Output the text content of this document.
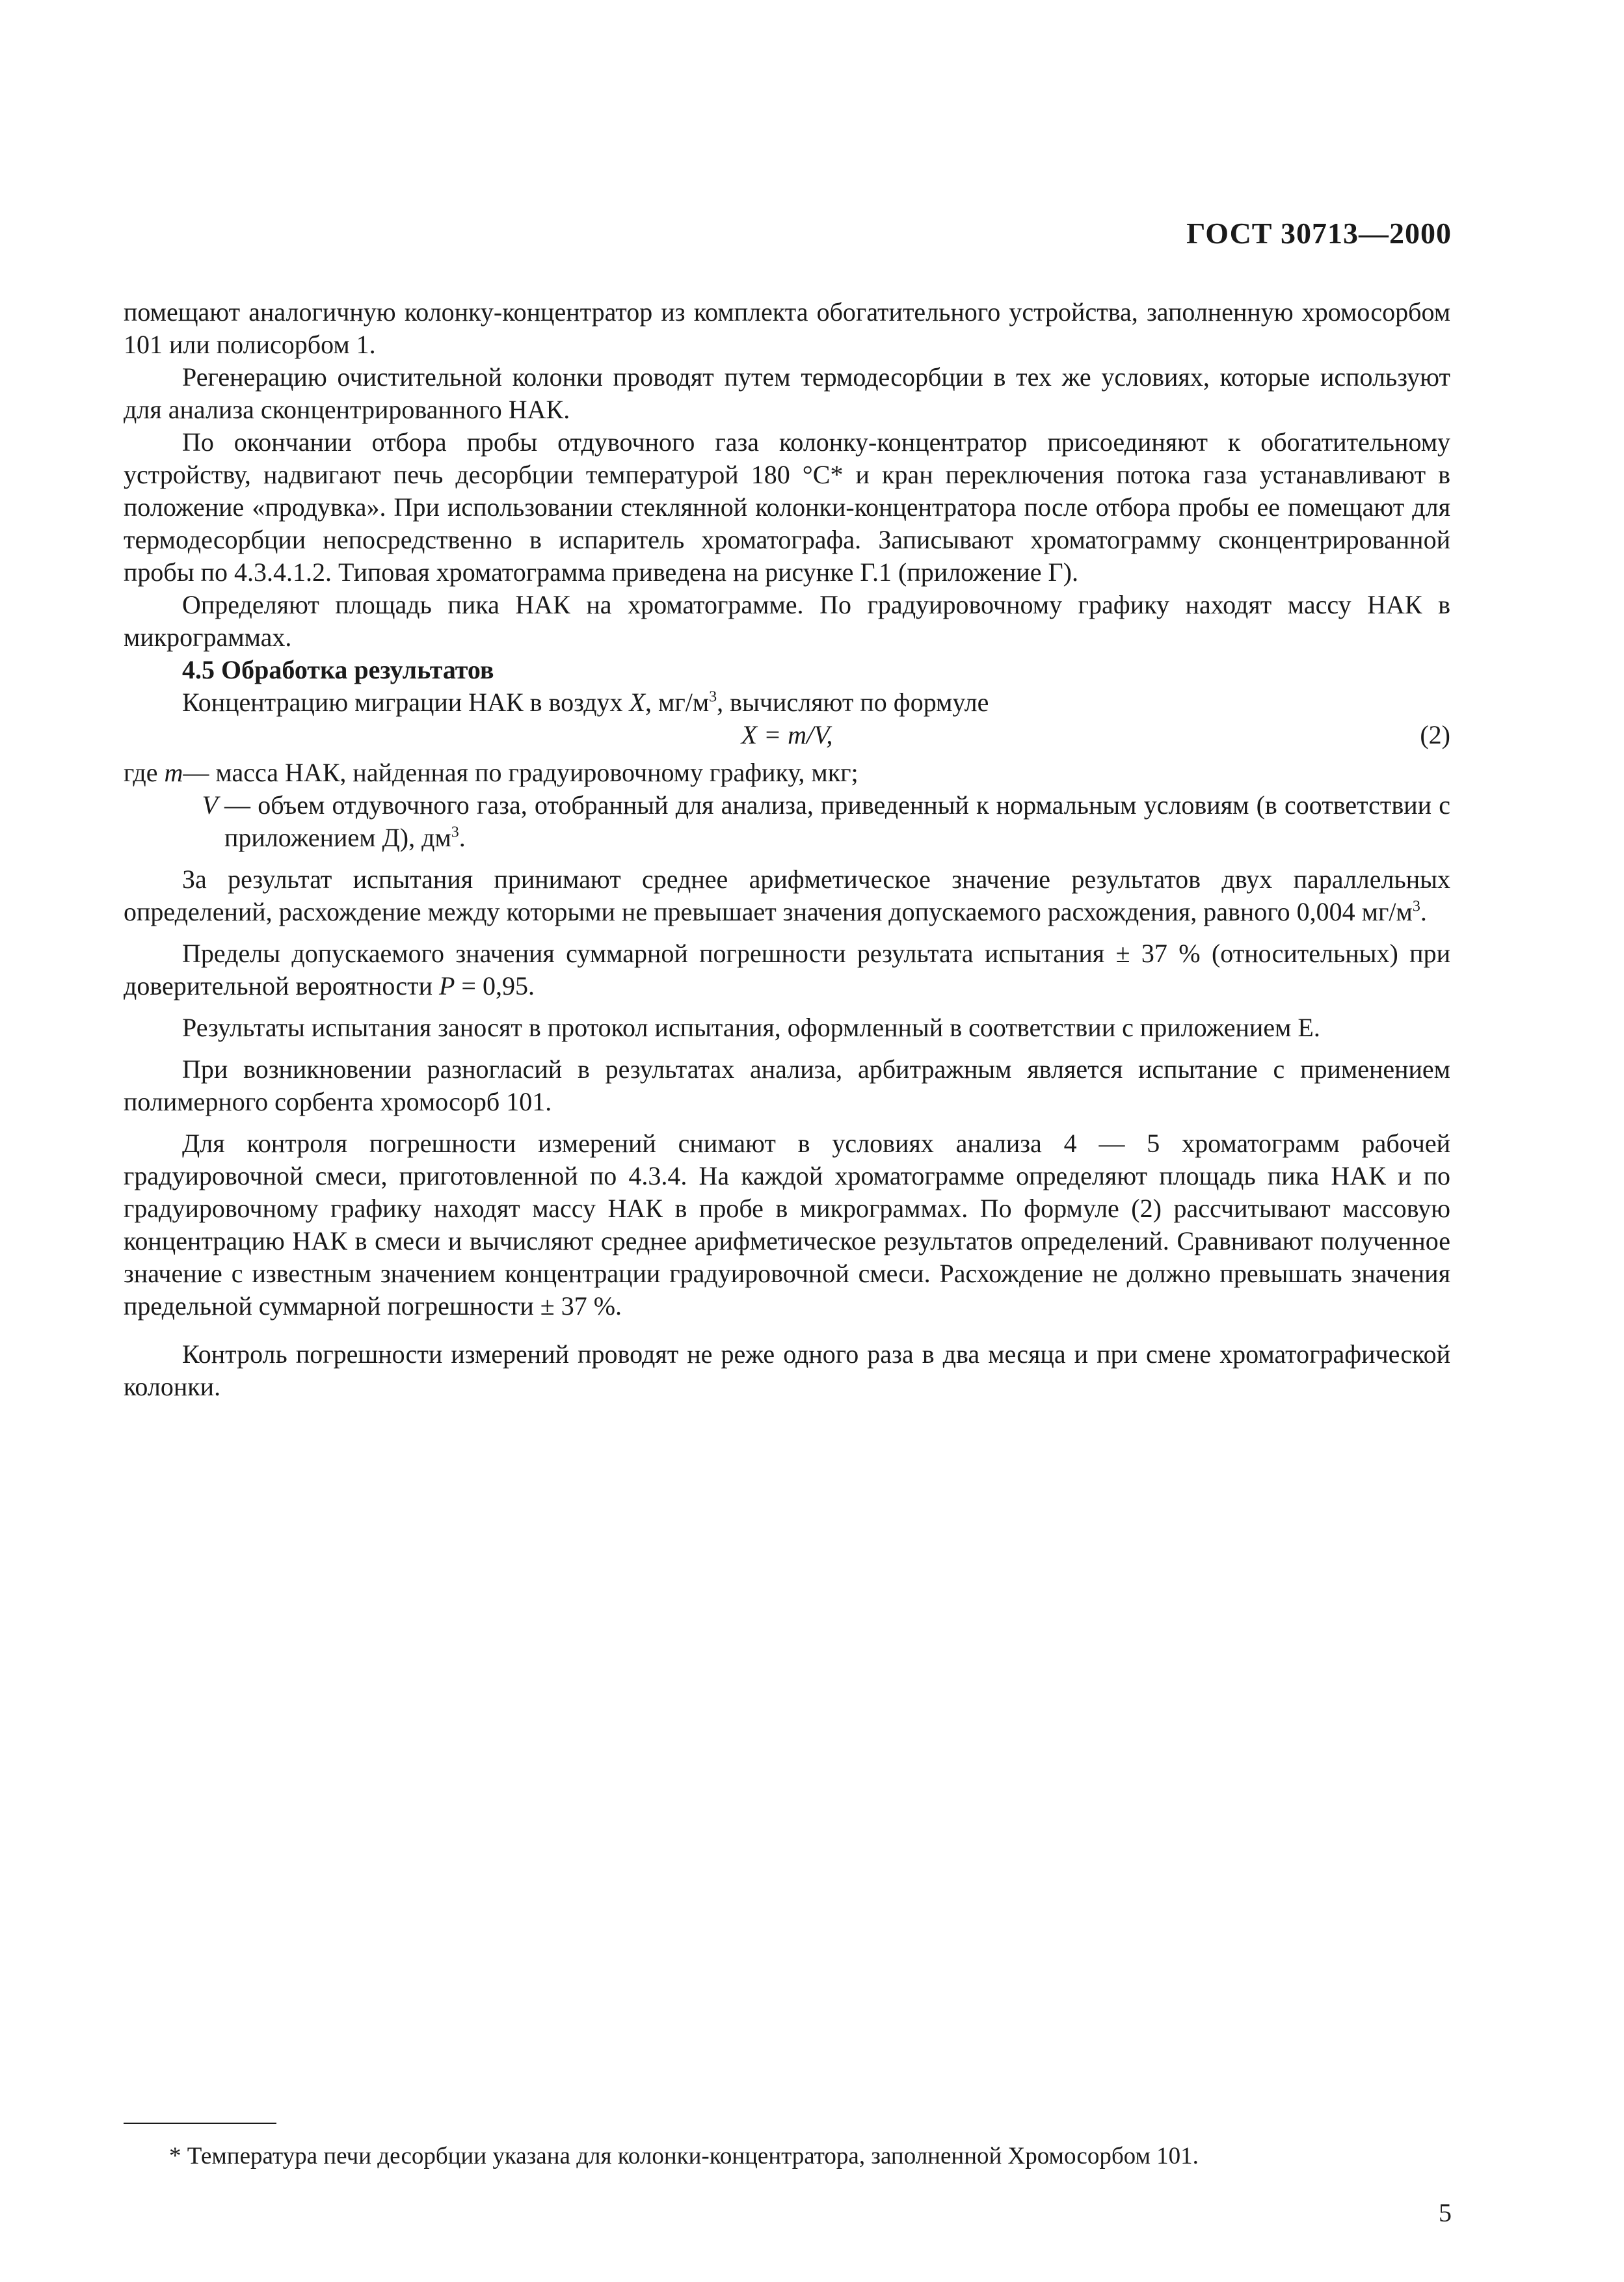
ГОСТ 30713—2000

помещают аналогичную колонку-концентратор из комплекта обогатительного устройства, заполненную хромосорбом 101 или полисорбом 1.

Регенерацию очистительной колонки проводят путем термодесорбции в тех же условиях, которые используют для анализа сконцентрированного НАК.

По окончании отбора пробы отдувочного газа колонку-концентратор присоединяют к обогатительному устройству, надвигают печь десорбции температурой 180 °С* и кран переключения потока газа устанавливают в положение «продувка». При использовании стеклянной колонки-концентратора после отбора пробы ее помещают для термодесорбции непосредственно в испаритель хроматографа. Записывают хроматограмму сконцентрированной пробы по 4.3.4.1.2. Типовая хроматограмма приведена на рисунке Г.1 (приложение Г).

Определяют площадь пика НАК на хроматограмме. По градуировочному графику находят массу НАК в микрограммах.

4.5 Обработка результатов

Концентрацию миграции НАК в воздух X, $мг/м^3$, вычисляют по формуле

X = m/V,	(2)
где
m — масса НАК, найденная по градуировочному графику, мкг;
V — объем отдувочного газа, отобранный для анализа, приведенный к нормальным условиям (в соответствии с приложением Д), $дм^3$.

За результат испытания принимают среднее арифметическое значение результатов двух параллельных определений, расхождение между которыми не превышает значения допускаемого расхождения, равного 0,004 $мг/м^3$.

Пределы допускаемого значения суммарной погрешности результата испытания ± 37 % (относительных) при доверительной вероятности P = 0,95.

Результаты испытания заносят в протокол испытания, оформленный в соответствии с приложением Е.

При возникновении разногласий в результатах анализа, арбитражным является испытание с применением полимерного сорбента хромосорб 101.

Для контроля погрешности измерений снимают в условиях анализа 4 — 5 хроматограмм рабочей градуировочной смеси, приготовленной по 4.3.4. На каждой хроматограмме определяют площадь пика НАК и по градуировочному графику находят массу НАК в пробе в микрограммах. По формуле (2) рассчитывают массовую концентрацию НАК в смеси и вычисляют среднее арифметическое результатов определений. Сравнивают полученное значение с известным значением концентрации градуировочной смеси. Расхождение не должно превышать значения предельной суммарной погрешности ± 37 %.

Контроль погрешности измерений проводят не реже одного раза в два месяца и при смене хроматографической колонки.

* Температура печи десорбции указана для колонки-концентратора, заполненной Хромосорбом 101.
5
